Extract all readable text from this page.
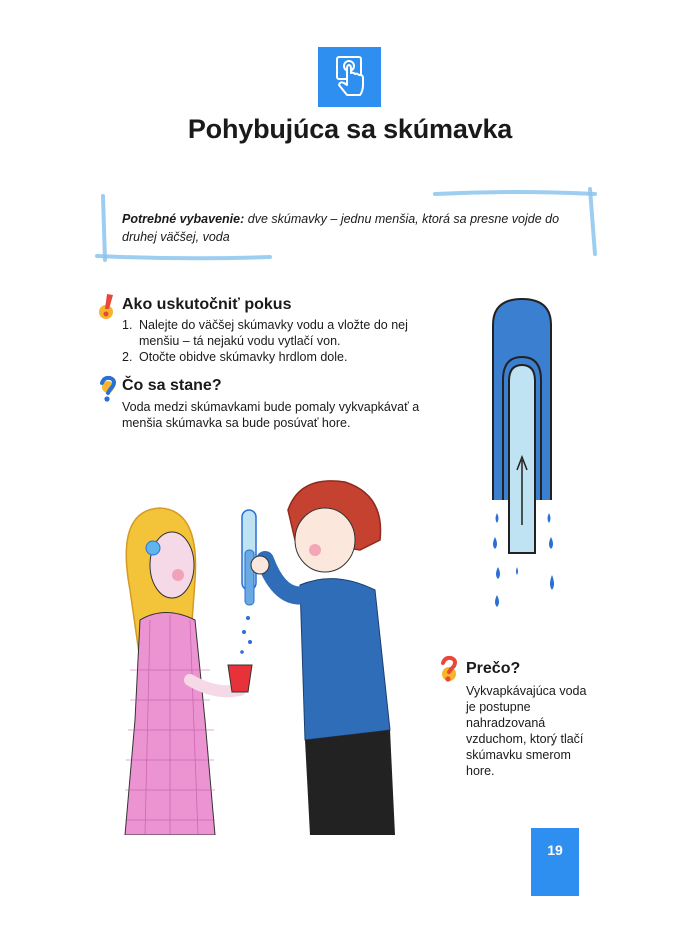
Pohybujúca sa skúmavka
Potrebné vybavenie: dve skúmavky – jednu menšia, ktorá sa presne vojde do druhej väčšej, voda
Ako uskutočniť pokus
1. Nalejte do väčšej skúmavky vodu a vložte do nej menšiu – tá nejakú vodu vytlačí von.
2. Otočte obidve skúmavky hrdlom dole.
Čo sa stane?
Voda medzi skúmavkami bude pomaly vykvapkávať a menšia skúmavka sa bude posúvať hore.
Prečo?
Vykvapkávajúca voda je postupne nahradzovaná vzduchom, ktorý tlačí skúmavku smerom hore.
19
